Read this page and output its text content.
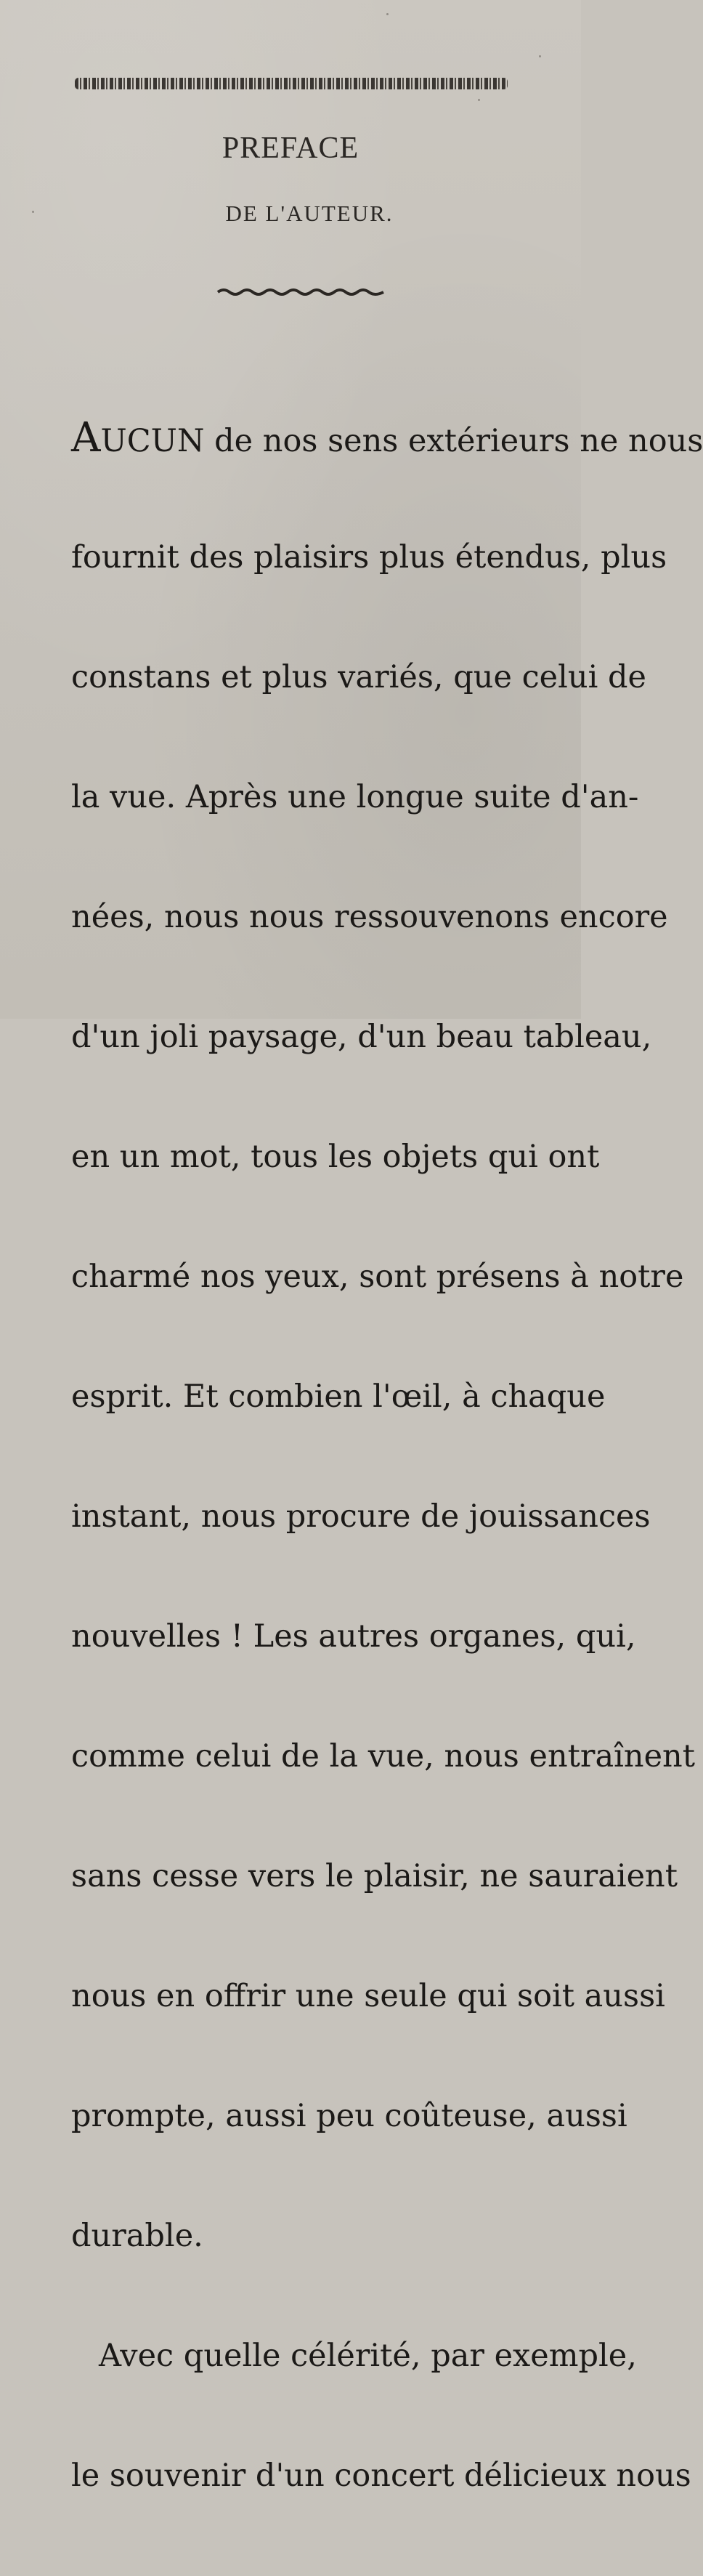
PREFACE
DE L'AUTEUR.

AUCUN de nos sens extérieurs ne nous

fournit des plaisirs plus étendus, plus

constans et plus variés, que celui de

la vue. Après une longue suite d'an-

nées, nous nous ressouvenons encore

d'un joli paysage, d'un beau tableau,

en un mot, tous les objets qui ont

charmé nos yeux, sont présens à notre

esprit. Et combien l'œil, à chaque

instant, nous procure de jouissances

nouvelles ! Les autres organes, qui,

comme celui de la vue, nous entraînent

sans cesse vers le plaisir, ne sauraient

nous en offrir une seule qui soit aussi

prompte, aussi peu coûteuse, aussi

durable.

Avec quelle célérité, par exemple,

le souvenir d'un concert délicieux nous
